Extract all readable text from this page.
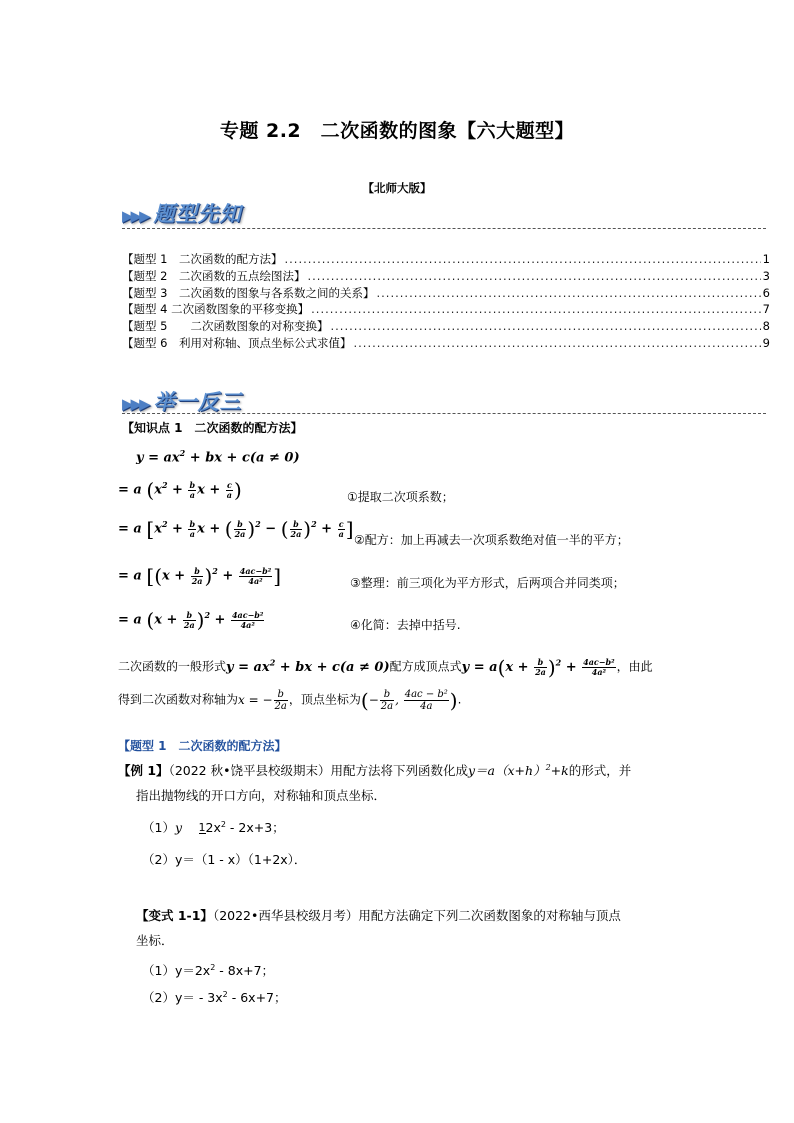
专题 2.2　二次函数的图象【六大题型】
【北师大版】
▶▶▶ 题型先知
【题型 1　二次函数的配方法】 .....	1
【题型 2　二次函数的五点绘图法】 .....	3
【题型 3　二次函数的图象与各系数之间的关系】 .....	6
【题型 4 二次函数图象的平移变换】 .....	7
【题型 5　　二次函数图象的对称变换】 .....	8
【题型 6　利用对称轴、顶点坐标公式求值】 .....	9
▶▶▶ 举一反三
【知识点 1　二次函数的配方法】
$y = ax^2$ + bx + c(a ≠ 0)
= a ($x^2 + \frac{b}{a}$ $x + \frac{c}{a}$ )
= a [$x^2 + \frac{b}{a}$ x + ( $\frac{b}{2a} )^2$ − ( $\frac{b}{2a} )^2 + \frac{c}{a}$ ]
= a [$(x + \frac{b}{2a} )^2 + \frac{\text{4ac−b²}}{\text{4a²}}$ ]
= a $(x + \frac{b}{2a} )^2 + \frac{\text{4ac−b²}}{\text{4a²}}$
①提取二次项系数；
②配方：加上再减去一次项系数绝对值一半的平方；
③整理：前三项化为平方形式，后两项合并同类项；
④化简：去掉中括号.
二次函数的一般形式$y = ax^2$ + bx + c(a ≠ 0)配方成顶点式$y = a(x + \frac{b}{2a} )^2 + \frac{\text{4ac−b²}}{\text{4a²}}$ ，由此
得到二次函数对称轴为x = − $\frac{b}{2a}$ ，顶点坐标为(− $\frac{b}{2a}$ , $\frac{\text{4ac − b²}}{4a}$ ).
【题型 1　二次函数的配方法】
【例 1】（2022 秋•饶平县校级期末）用配方法将下列函数化成$y=a(x+h)^2+k$的形式，并
指出抛物线的开口方向，对称轴和顶点坐标．
（1）y　 1 $2x^2 - 2x+3$；
（2）y＝（1 - x）（1+2x）．
【变式 1-1】（2022•西华县校级月考）用配方法确定下列二次函数图象的对称轴与顶点
坐标．
$(1)y=2x^2 - 8x+7$；
$(2)y= - 3x^2 - 6x+7$；
